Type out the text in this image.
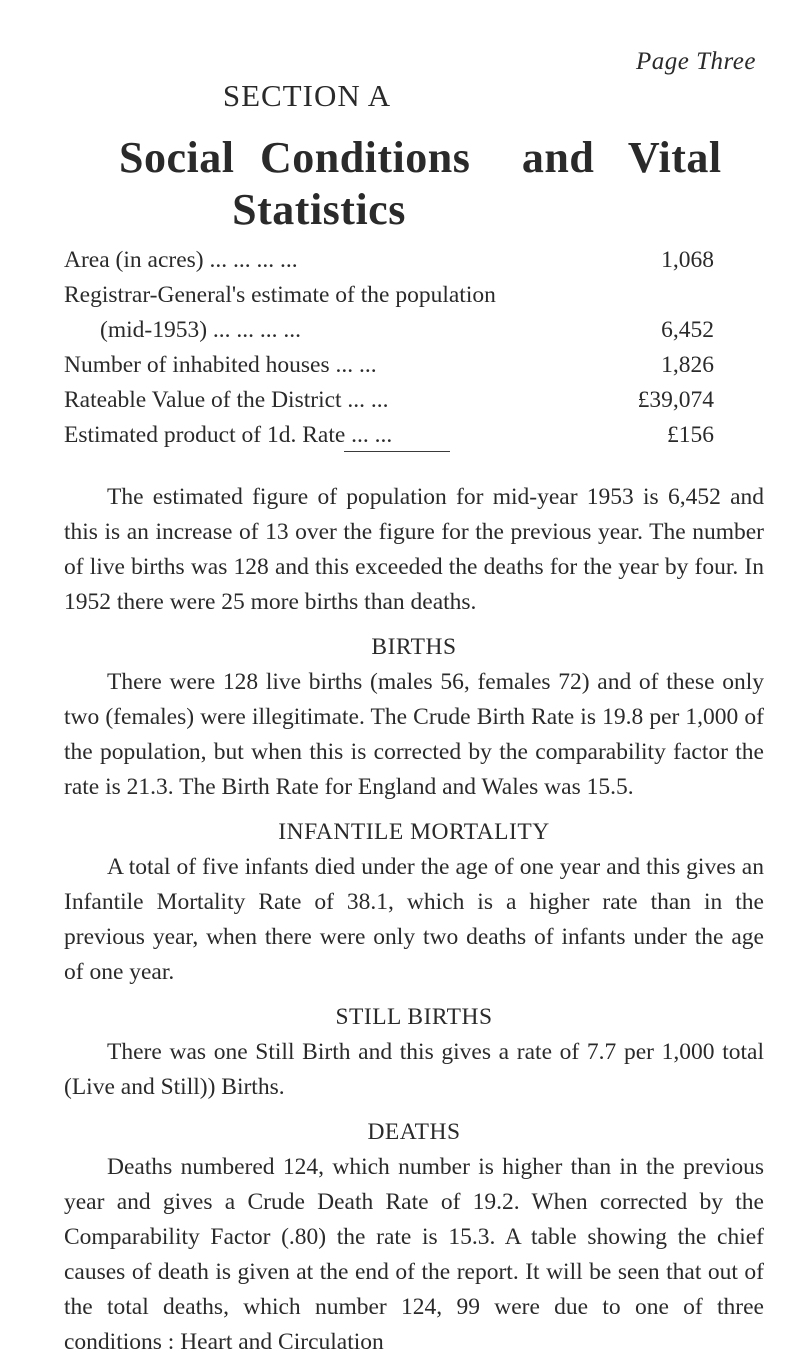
Page Three
SECTION A
Social Conditions and Vital
Statistics
Area (in acres) ... ... ... ...	1,068
Registrar-General's estimate of the population
(mid-1953) ... ... ... ...	6,452
Number of inhabited houses ... ...	1,826
Rateable Value of the District ... ...	£39,074
Estimated product of 1d. Rate ... ...	£156

The estimated figure of population for mid-year 1953 is 6,452 and this is an increase of 13 over the figure for the previous year. The number of live births was 128 and this exceeded the deaths for the year by four. In 1952 there were 25 more births than deaths.

BIRTHS

There were 128 live births (males 56, females 72) and of these only two (females) were illegitimate. The Crude Birth Rate is 19.8 per 1,000 of the population, but when this is corrected by the comparability factor the rate is 21.3. The Birth Rate for England and Wales was 15.5.

INFANTILE MORTALITY

A total of five infants died under the age of one year and this gives an Infantile Mortality Rate of 38.1, which is a higher rate than in the previous year, when there were only two deaths of infants under the age of one year.

STILL BIRTHS

There was one Still Birth and this gives a rate of 7.7 per 1,000 total (Live and Still)) Births.

DEATHS

Deaths numbered 124, which number is higher than in the previous year and gives a Crude Death Rate of 19.2. When corrected by the Comparability Factor (.80) the rate is 15.3. A table showing the chief causes of death is given at the end of the report. It will be seen that out of the total deaths, which number 124, 99 were due to one of three conditions : Heart and Circulation
